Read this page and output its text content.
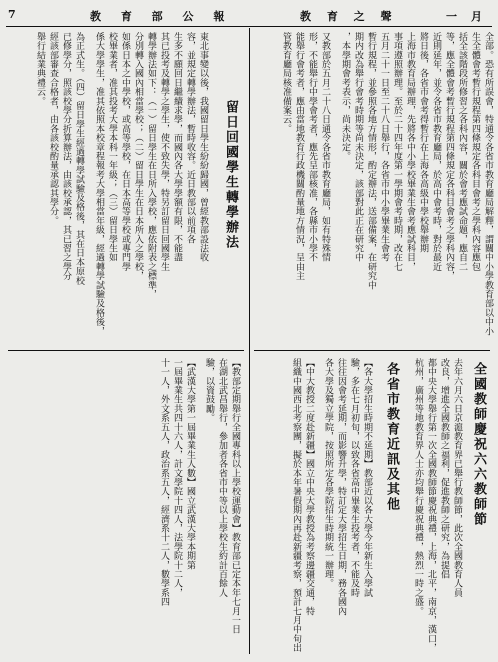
7	教 育 部 公 報	教 育 之 聲	一月
全部。恐有所誤會，特通令各省市教育廳局解釋，謂關中小學教育部以中小
生全體會考暫行規程第四條規定各科目會考之學科內容應包
括全該階段所修習之各科內容，關於會考應試命題，應自二
等，應全體會考暫行規程第四條規定各科目會考之學科內容，
近則延年，並令各省市教育廳局，於高中會考時，對於最近
將日後，各省市會考得暫行在上海各高級中學校舉辦期
上海市教育局辦理，先將各中小學校畢業生會考應試科目，
事項遵照辦理。至於二十四年度第一學期會考時期，改在七
五月二十一日至二十八日舉行，各省市中小學畢業生會考
暫行規程，並參照各地方情形，酌定辦法，送部備案，在研究中
期内改為舉行會考時期等尚未決定，該部對此正在研究中
，本學期會考表示，尚未決定。
又教部於五月二十八日通令各省市教育廳局，如有特殊情
形，不能舉行中學會考者，應先呈部核准，各縣市小學不
能舉行會考者，應由當地教育行政機關酌量地方情況，呈由主
管教育廳局核准備案云。
留日回國學生轉學辦法
東北事變以後，我國留日學生紛紛歸國，曾經教部設法收
容，並規定轉學辦法，暫時收容。近日教部以前項各
生多不願回日繼續求學，而國內各大學學額有限，不能盡
其已投考及轉學之學生，使不致失學，特另訂留日回國學生
轉學辦法如下：（一）留日學生在日所入學校，應依附表之標準，
分別轉入國內相當學校；（二）留日學生在日本所入之學校，
如係日本之中學校，或高等學校，在日本高等學校或專門學
校畢業者，准其投考大學本科一年級；（三）留日學生如
係大學學生，准其依照本校章程報考大學相當年級，經過轉學試驗及格後，
為正式生。（四）留日學生經過轉學試驗及格後，其在日本原校
已修學分，照該校學分折算辦法，由該校承認，其已習之學分
經該部審查合格者，由各該校酌量承認其學分。
舉行結業典禮云。
全國教師慶祝六六教師節
去年六月六日京滬教育界已舉行教師節，此次全國教育人員
改良，增進全國教師之福利，促進教師之研究，為提倡
都中央大學舉行第一次全國教師節慶祝典禮，上海，北平，南京，漢口，
杭州，廣州等地教育界人士亦均舉行慶祝典禮，熱烈一時之盛。
各省市教育近訊及其他
【各大學招生時期不延期】教部近以各大學今年新生入學試
驗，多在七月初旬，以致各省高中畢業生投考者，不能及時
往往因會考延期，而影響升學，特訂定大學招生日期，務各國內
各大學及獨立學院，按照所定各學院招生時期統一辦理。
【中大教授二度赴新疆】國立中央大學教授為考察邊疆交通，特
組織中國西北考察團，擬於本年暑假期內再赴新疆考察，預計七月中旬出
【教部定期舉行全國專科以上學校運動會】教育部已定本年七月一日
在湖北武昌舉行，參加者各省市中等以上學校生約計百餘人
驗，以資鼓勵。
【武漢大學第一屆畢業生人數】國立武漢大學本期第
一屆畢業生共四十六人，計文學院十四人，法學院十二人，
十一人，外文系五人，政治系五人，經濟系十二人，數學系四
